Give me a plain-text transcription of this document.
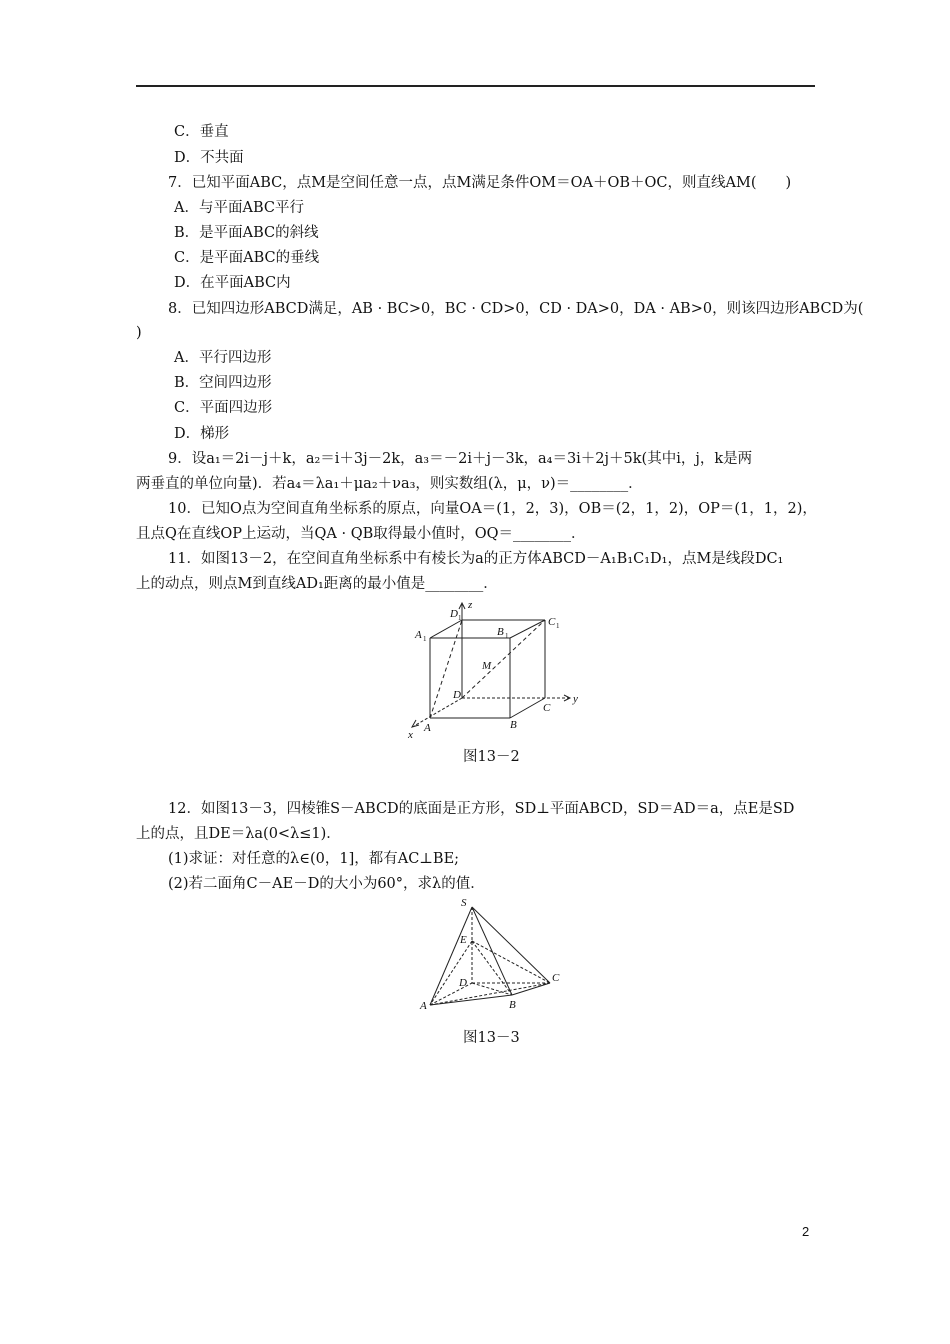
C．垂直
D．不共面
7．已知平面ABC，点M是空间任意一点，点M满足条件OM＝OA＋OB＋OC，则直线AM(　　)
A．与平面ABC平行
B．是平面ABC的斜线
C．是平面ABC的垂线
D．在平面ABC内
8．已知四边形ABCD满足，AB · BC>0，BC · CD>0，CD · DA>0，DA · AB>0，则该四边形ABCD为(
)
A．平行四边形
B．空间四边形
C．平面四边形
D．梯形
9．设a₁＝2i－j＋k，a₂＝i＋3j－2k，a₃＝－2i＋j－3k，a₄＝3i＋2j＋5k(其中i，j，k是两
两垂直的单位向量)．若a₄＝λa₁＋μa₂＋νa₃，则实数组(λ，μ，ν)＝________．
10．已知O点为空间直角坐标系的原点，向量OA＝(1，2，3)，OB＝(2，1，2)，OP＝(1，1，2)，
且点Q在直线OP上运动，当QA · QB取得最小值时，OQ＝________．
11．如图13－2，在空间直角坐标系中有棱长为a的正方体ABCD－A₁B₁C₁D₁，点M是线段DC₁
上的动点，则点M到直线AD₁距离的最小值是________．
z
D 1	C 1
A 1
B 1
M
D	y
C
B
A
x
图13－2
12．如图13－3，四棱锥S－ABCD的底面是正方形，SD⊥平面ABCD，SD＝AD＝a，点E是SD
上的点，且DE＝λa(0<λ≤1)．
(1)求证：对任意的λ∈(0，1]，都有AC⊥BE;
(2)若二面角C－AE－D的大小为60°，求λ的值．
S
E
D	C
A	B
图13－3
2
